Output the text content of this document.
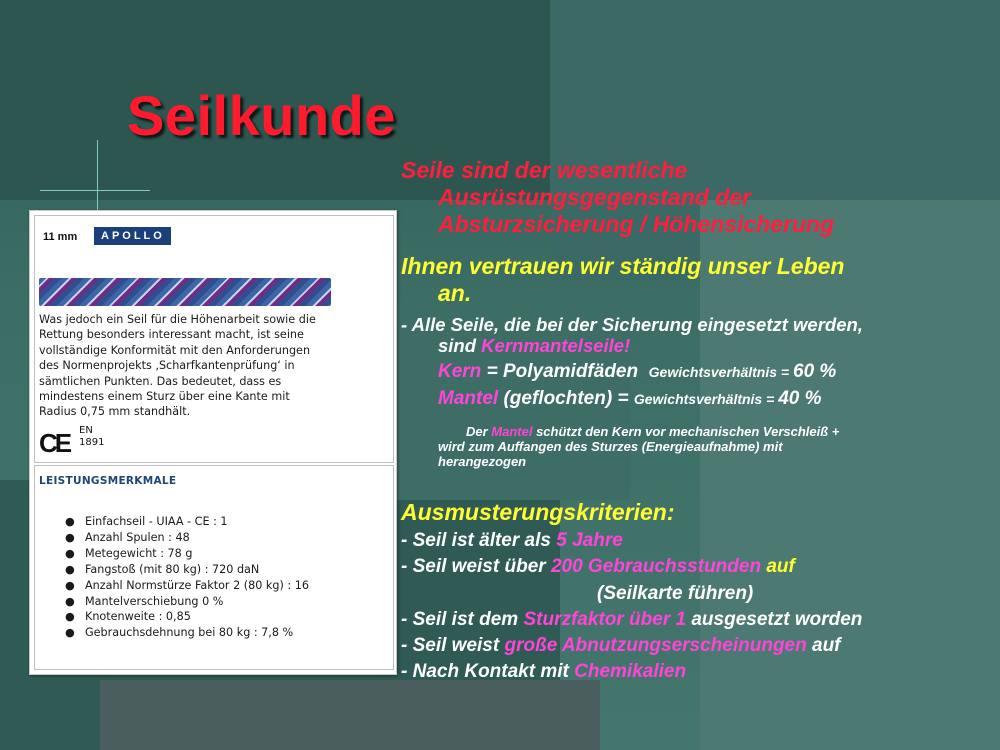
Seilkunde
11 mm	APOLLO

Was jedoch ein Seil für die Höhenarbeit sowie die
Rettung besonders interessant macht, ist seine
vollständige Konformität mit den Anforderungen
des Normenprojekts ‚Scharfkantenprüfung‘ in
sämtlichen Punkten. Das bedeutet, dass es
mindestens einem Sturz über eine Kante mit
Radius 0,75 mm standhält.

CE EN
1891
LEISTUNGSMERKMALE
● Einfachseil - UIAA - CE : 1
● Anzahl Spulen : 48
● Metegewicht : 78 g
● Fangstoß (mit 80 kg) : 720 daN
● Anzahl Normstürze Faktor 2 (80 kg) : 16
● Mantelverschiebung 0 %
● Knotenweite : 0,85
● Gebrauchsdehnung bei 80 kg : 7,8 %

Seile sind der wesentliche

Ausrüstungsgegenstand der

Absturzsicherung / Höhensicherung

Ihnen vertrauen wir ständig unser Leben

an.

- Alle Seile, die bei der Sicherung eingesetzt werden,

sind Kernmantelseile!

Kern = Polyamidfäden Gewichtsverhältnis = 60 %

Mantel (geflochten) = Gewichtsverhältnis = 40 %

Der Mantel schützt den Kern vor mechanischen Verschleiß +

wird zum Auffangen des Sturzes (Energieaufnahme) mit

herangezogen

Ausmusterungskriterien:

- Seil ist älter als 5 Jahre

- Seil weist über 200 Gebrauchsstunden auf

(Seilkarte führen)

- Seil ist dem Sturzfaktor über 1 ausgesetzt worden

- Seil weist große Abnutzungserscheinungen auf

- Nach Kontakt mit Chemikalien
